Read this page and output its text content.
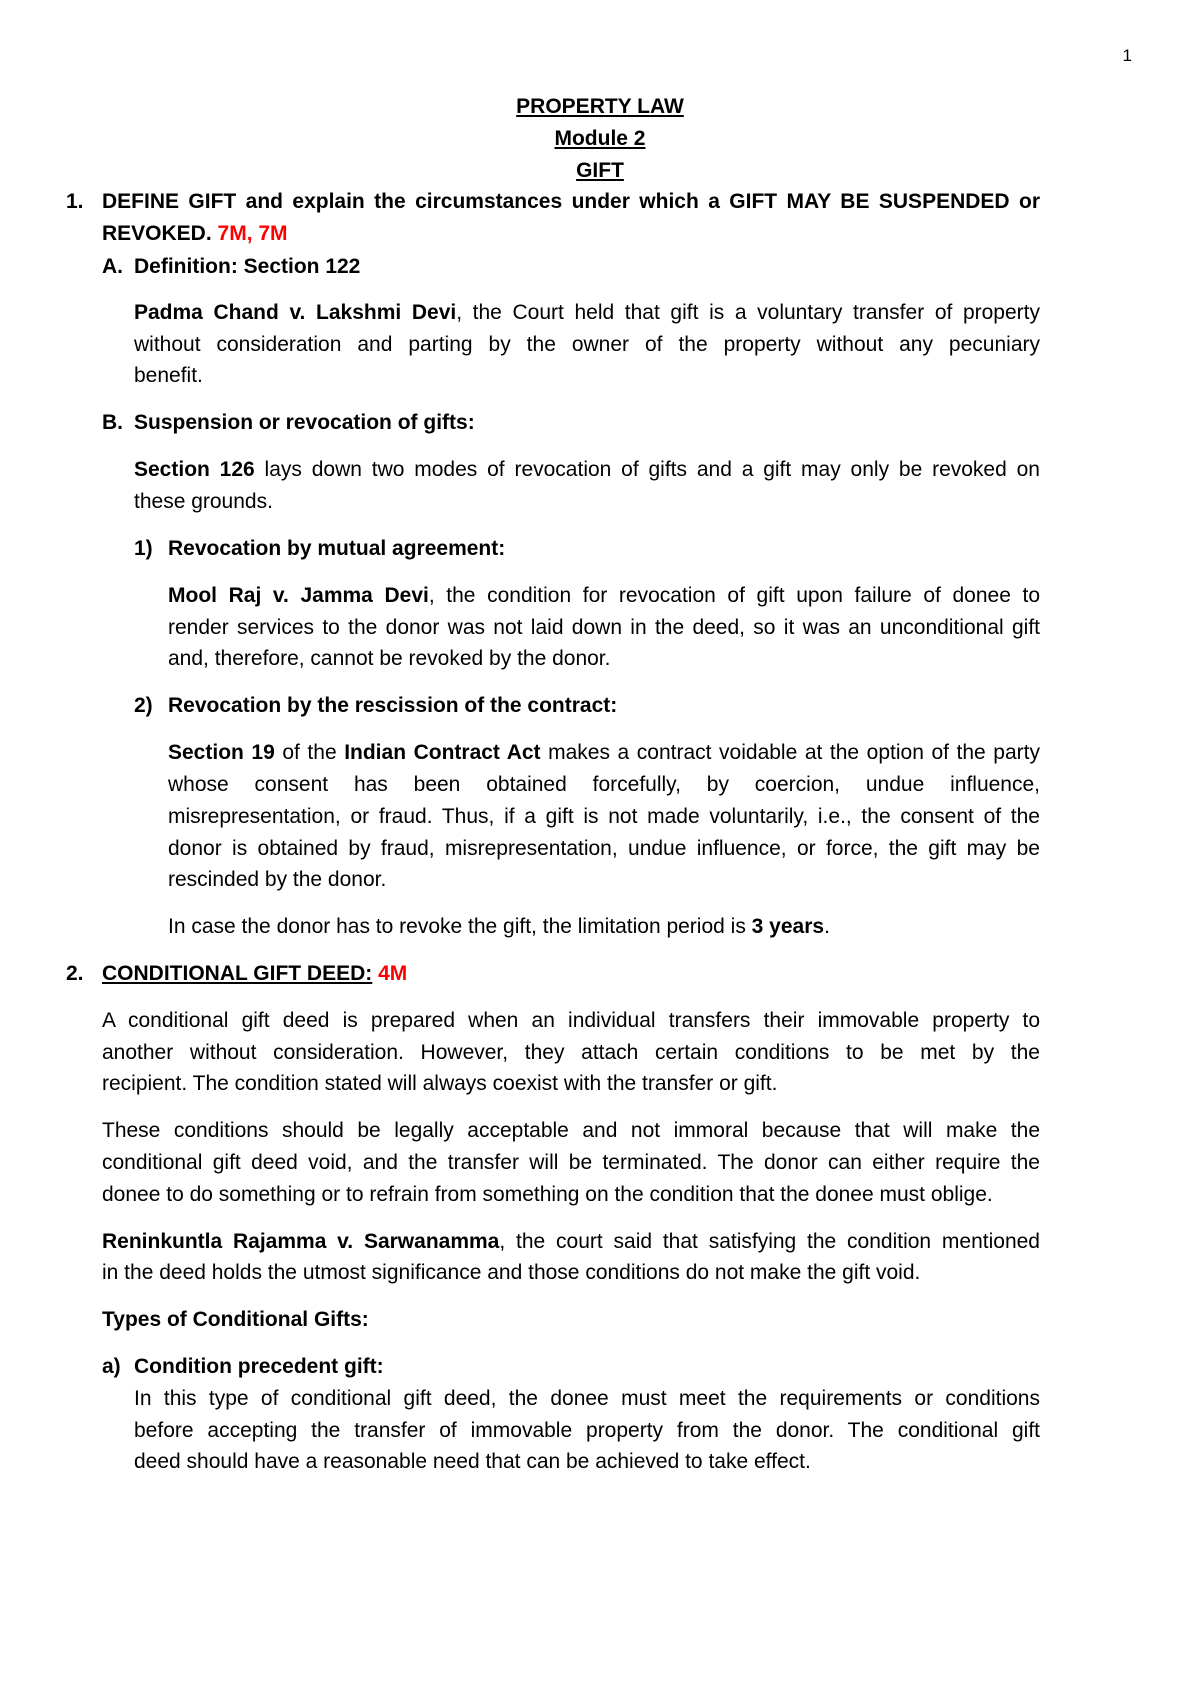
1
PROPERTY LAW
Module 2
GIFT
1. DEFINE GIFT and explain the circumstances under which a GIFT MAY BE SUSPENDED or
REVOKED. 7M, 7M
A. Definition: Section 122
Padma Chand v. Lakshmi Devi, the Court held that gift is a voluntary transfer of property
without consideration and parting by the owner of the property without any pecuniary
benefit.
B. Suspension or revocation of gifts:
Section 126 lays down two modes of revocation of gifts and a gift may only be revoked on
these grounds.
1) Revocation by mutual agreement:
Mool Raj v. Jamma Devi, the condition for revocation of gift upon failure of donee to
render services to the donor was not laid down in the deed, so it was an unconditional gift
and, therefore, cannot be revoked by the donor.
2) Revocation by the rescission of the contract:
Section 19 of the Indian Contract Act makes a contract voidable at the option of the party
whose consent has been obtained forcefully, by coercion, undue influence,
misrepresentation, or fraud. Thus, if a gift is not made voluntarily, i.e., the consent of the
donor is obtained by fraud, misrepresentation, undue influence, or force, the gift may be
rescinded by the donor.
In case the donor has to revoke the gift, the limitation period is 3 years.
2. CONDITIONAL GIFT DEED: 4M
A conditional gift deed is prepared when an individual transfers their immovable property to
another without consideration. However, they attach certain conditions to be met by the
recipient. The condition stated will always coexist with the transfer or gift.
These conditions should be legally acceptable and not immoral because that will make the
conditional gift deed void, and the transfer will be terminated. The donor can either require the
donee to do something or to refrain from something on the condition that the donee must oblige.
Reninkuntla Rajamma v. Sarwanamma, the court said that satisfying the condition mentioned
in the deed holds the utmost significance and those conditions do not make the gift void.
Types of Conditional Gifts:
a) Condition precedent gift:
In this type of conditional gift deed, the donee must meet the requirements or conditions
before accepting the transfer of immovable property from the donor. The conditional gift
deed should have a reasonable need that can be achieved to take effect.
